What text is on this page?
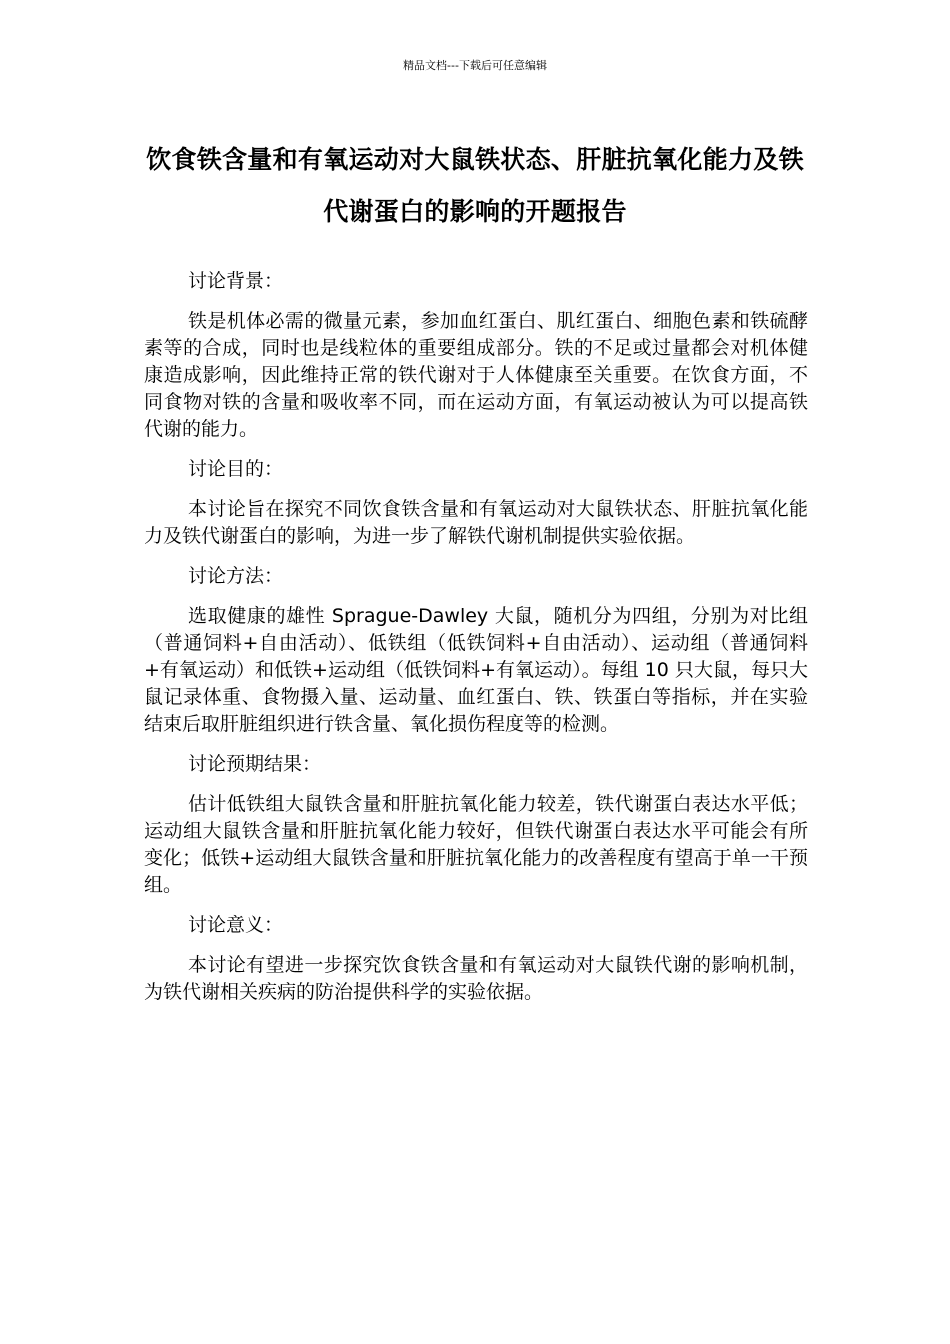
精品文档---下载后可任意编辑
饮食铁含量和有氧运动对大鼠铁状态、肝脏抗氧化能力及铁代谢蛋白的影响的开题报告

讨论背景：

铁是机体必需的微量元素，参加血红蛋白、肌红蛋白、细胞色素和铁硫酵素等的合成，同时也是线粒体的重要组成部分。铁的不足或过量都会对机体健康造成影响，因此维持正常的铁代谢对于人体健康至关重要。在饮食方面，不同食物对铁的含量和吸收率不同，而在运动方面，有氧运动被认为可以提高铁代谢的能力。

讨论目的：

本讨论旨在探究不同饮食铁含量和有氧运动对大鼠铁状态、肝脏抗氧化能力及铁代谢蛋白的影响，为进一步了解铁代谢机制提供实验依据。

讨论方法：

选取健康的雄性 Sprague-Dawley 大鼠，随机分为四组，分别为对比组（普通饲料+自由活动）、低铁组（低铁饲料+自由活动）、运动组（普通饲料+有氧运动）和低铁+运动组（低铁饲料+有氧运动）。每组 10 只大鼠，每只大鼠记录体重、食物摄入量、运动量、血红蛋白、铁、铁蛋白等指标，并在实验结束后取肝脏组织进行铁含量、氧化损伤程度等的检测。

讨论预期结果：

估计低铁组大鼠铁含量和肝脏抗氧化能力较差，铁代谢蛋白表达水平低；运动组大鼠铁含量和肝脏抗氧化能力较好，但铁代谢蛋白表达水平可能会有所变化；低铁+运动组大鼠铁含量和肝脏抗氧化能力的改善程度有望高于单一干预组。

讨论意义：

本讨论有望进一步探究饮食铁含量和有氧运动对大鼠铁代谢的影响机制，为铁代谢相关疾病的防治提供科学的实验依据。
